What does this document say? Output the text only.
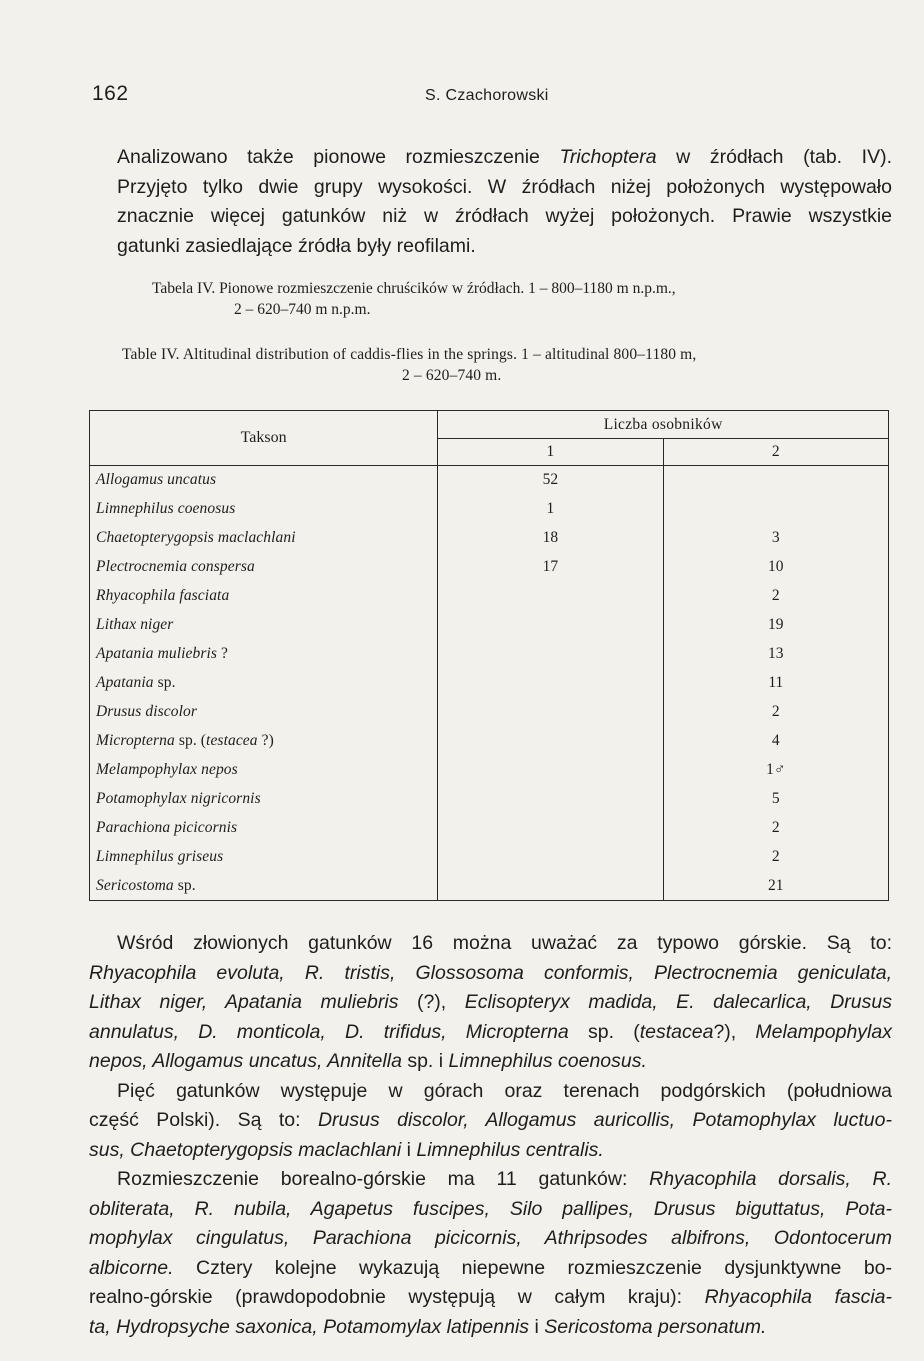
162	S. Czachorowski
Analizowano także pionowe rozmieszczenie Trichoptera w źródłach (tab. IV).
Przyjęto tylko dwie grupy wysokości. W źródłach niżej położonych występowało
znacznie więcej gatunków niż w źródłach wyżej położonych. Prawie wszystkie
gatunki zasiedlające źródła były reofilami.
Tabela IV. Pionowe rozmieszczenie chruścików w źródłach. 1 – 800–1180 m n.p.m.,
2 – 620–740 m n.p.m.
Table IV. Altitudinal distribution of caddis-flies in the springs. 1 – altitudinal 800–1180 m,
2 – 620–740 m.
Takson	Liczba osobników	
	1	2
Allogamus uncatus	52	
Limnephilus coenosus	1	
Chaetopterygopsis maclachlani	18	3
Plectrocnemia conspersa	17	10
Rhyacophila fasciata		2
Lithax niger		19
Apatania muliebris ?		13
Apatania sp.		11
Drusus discolor		2
Micropterna sp. (testacea ?)		4
Melampophylax nepos		1♂
Potamophylax nigricornis		5
Parachiona picicornis		2
Limnephilus griseus		2
Sericostoma sp.		21
Wśród złowionych gatunków 16 można uważać za typowo górskie. Są to:
Rhyacophila evoluta, R. tristis, Glossosoma conformis, Plectrocnemia geniculata,
Lithax niger, Apatania muliebris (?), Eclisopteryx madida, E. dalecarlica, Drusus
annulatus, D. monticola, D. trifidus, Micropterna sp. (testacea?), Melampophylax
nepos, Allogamus uncatus, Annitella sp. i Limnephilus coenosus.
Pięć gatunków występuje w górach oraz terenach podgórskich (południowa
część Polski). Są to: Drusus discolor, Allogamus auricollis, Potamophylax luctuo-
sus, Chaetopterygopsis maclachlani i Limnephilus centralis.
Rozmieszczenie borealno-górskie ma 11 gatunków: Rhyacophila dorsalis, R.
obliterata, R. nubila, Agapetus fuscipes, Silo pallipes, Drusus biguttatus, Pota-
mophylax cingulatus, Parachiona picicornis, Athripsodes albifrons, Odontocerum
albicorne. Cztery kolejne wykazują niepewne rozmieszczenie dysjunktywne bo-
realno-górskie (prawdopodobnie występują w całym kraju): Rhyacophila fascia-
ta, Hydropsyche saxonica, Potamomylax latipennis i Sericostoma personatum.
